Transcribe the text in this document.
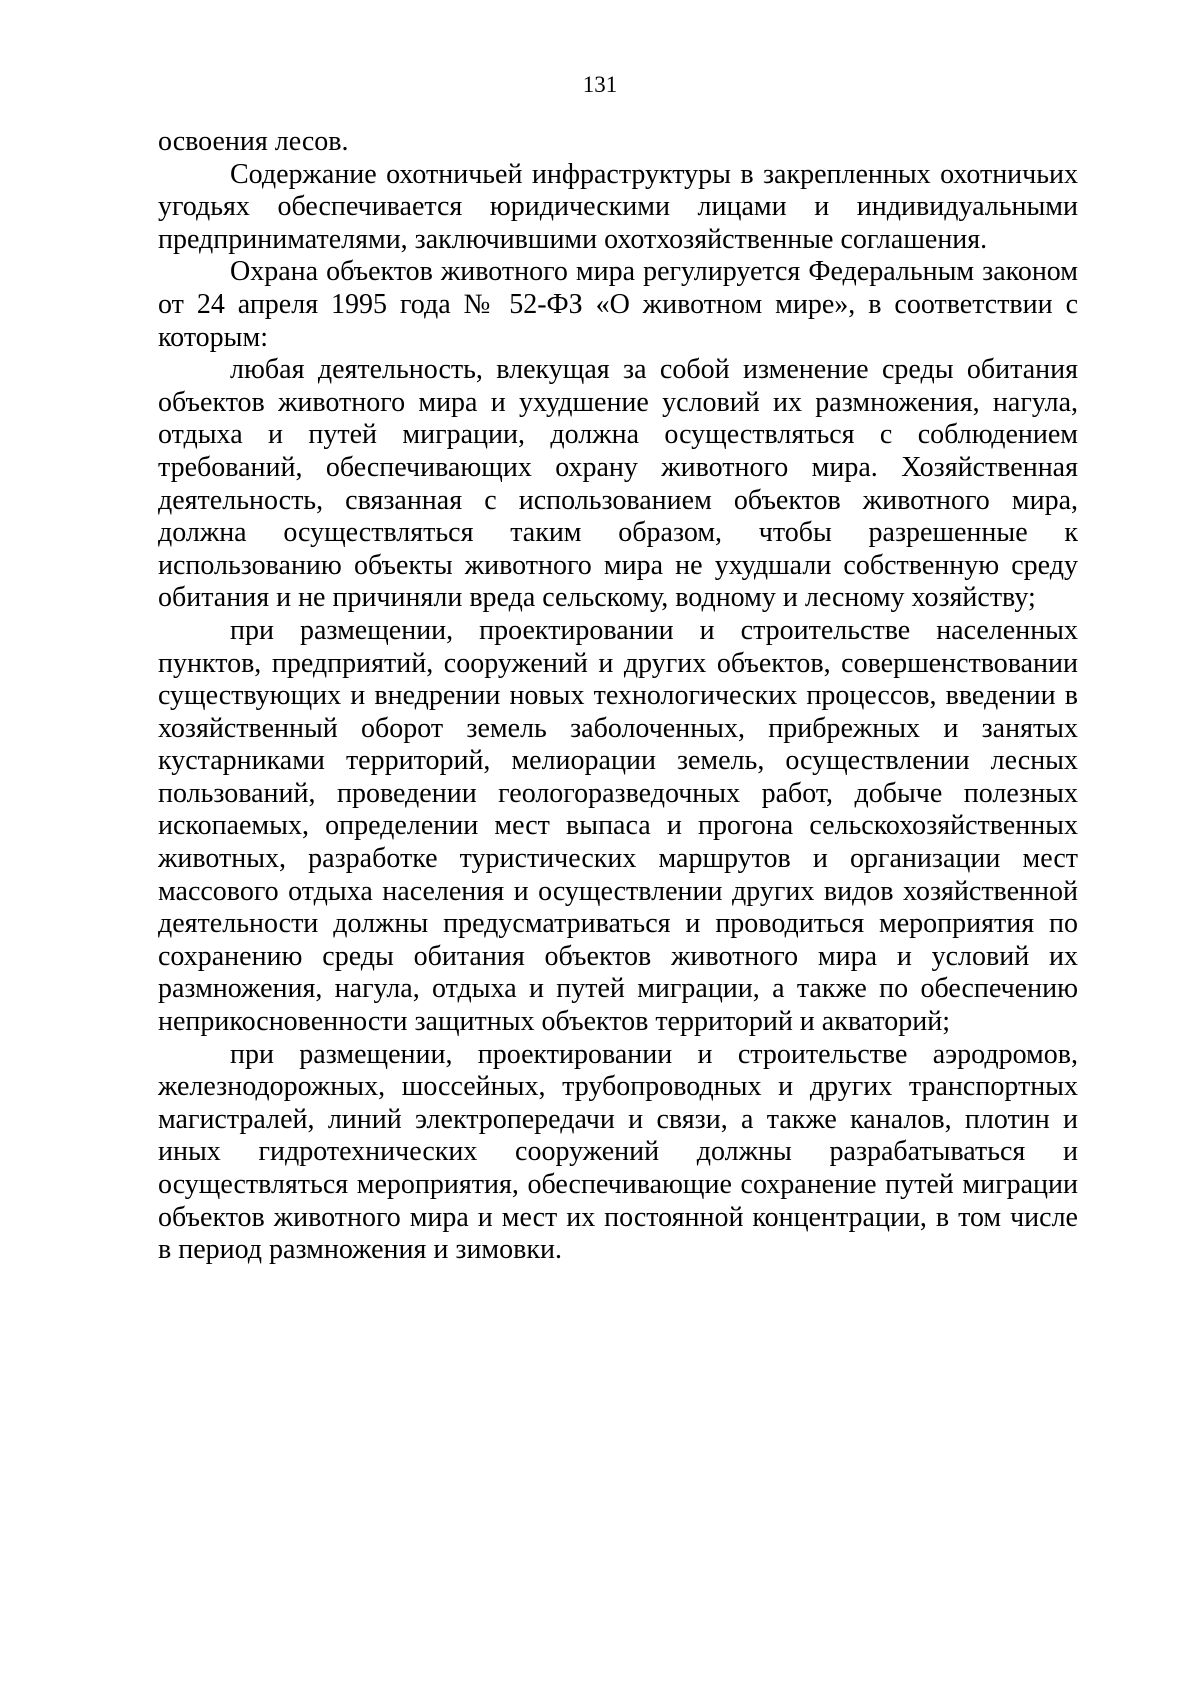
131

освоения лесов.

Содержание охотничьей инфраструктуры в закрепленных охотничьих угодьях обеспечивается юридическими лицами и индивидуальными предпринимателями, заключившими охотхозяйственные соглашения.

Охрана объектов животного мира регулируется Федеральным законом от 24 апреля 1995 года № 52-ФЗ «О животном мире», в соответствии с которым:

любая деятельность, влекущая за собой изменение среды обитания объектов животного мира и ухудшение условий их размножения, нагула, отдыха и путей миграции, должна осуществляться с соблюдением требований, обеспечивающих охрану животного мира. Хозяйственная деятельность, связанная с использованием объектов животного мира, должна осуществляться таким образом, чтобы разрешенные к использованию объекты животного мира не ухудшали собственную среду обитания и не причиняли вреда сельскому, водному и лесному хозяйству;

при размещении, проектировании и строительстве населенных пунктов, предприятий, сооружений и других объектов, совершенствовании существующих и внедрении новых технологических процессов, введении в хозяйственный оборот земель заболоченных, прибрежных и занятых кустарниками территорий, мелиорации земель, осуществлении лесных пользований, проведении геологоразведочных работ, добыче полезных ископаемых, определении мест выпаса и прогона сельскохозяйственных животных, разработке туристических маршрутов и организации мест массового отдыха населения и осуществлении других видов хозяйственной деятельности должны предусматриваться и проводиться мероприятия по сохранению среды обитания объектов животного мира и условий их размножения, нагула, отдыха и путей миграции, а также по обеспечению неприкосновенности защитных объектов территорий и акваторий;

при размещении, проектировании и строительстве аэродромов, железнодорожных, шоссейных, трубопроводных и других транспортных магистралей, линий электропередачи и связи, а также каналов, плотин и иных гидротехнических сооружений должны разрабатываться и осуществляться мероприятия, обеспечивающие сохранение путей миграции объектов животного мира и мест их постоянной концентрации, в том числе в период размножения и зимовки.
